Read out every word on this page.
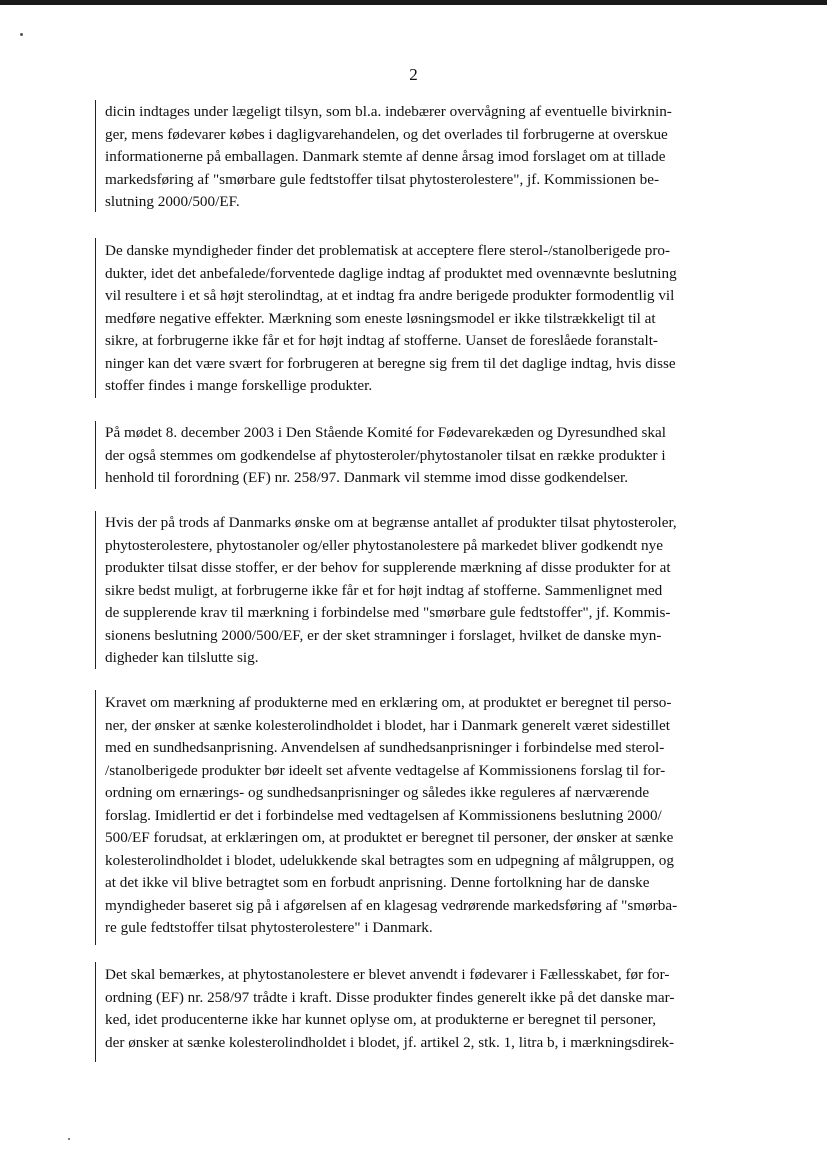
2
dicin indtages under lægeligt tilsyn, som bl.a. indebærer overvågning af eventuelle bivirknin-
ger, mens fødevarer købes i dagligvarehandelen, og det overlades til forbrugerne at overskue
informationerne på emballagen. Danmark stemte af denne årsag imod forslaget om at tillade
markedsføring af "smørbare gule fedtstoffer tilsat phytosterolestere", jf. Kommissionen be-
slutning 2000/500/EF.
De danske myndigheder finder det problematisk at acceptere flere sterol-/stanolberigede pro-
dukter, idet det anbefalede/forventede daglige indtag af produktet med ovennævnte beslutning
vil resultere i et så højt sterolindtag, at et indtag fra andre berigede produkter formodentlig vil
medføre negative effekter. Mærkning som eneste løsningsmodel er ikke tilstrækkeligt til at
sikre, at forbrugerne ikke får et for højt indtag af stofferne. Uanset de foreslåede foranstalt-
ninger kan det være svært for forbrugeren at beregne sig frem til det daglige indtag, hvis disse
stoffer findes i mange forskellige produkter.
På mødet 8. december 2003 i Den Stående Komité for Fødevarekæden og Dyresundhed skal
der også stemmes om godkendelse af phytosteroler/phytostanoler tilsat en række produkter i
henhold til forordning (EF) nr. 258/97. Danmark vil stemme imod disse godkendelser.
Hvis der på trods af Danmarks ønske om at begrænse antallet af produkter tilsat phytosteroler,
phytosterolestere, phytostanoler og/eller phytostanolestere på markedet bliver godkendt nye
produkter tilsat disse stoffer, er der behov for supplerende mærkning af disse produkter for at
sikre bedst muligt, at forbrugerne ikke får et for højt indtag af stofferne. Sammenlignet med
de supplerende krav til mærkning i forbindelse med "smørbare gule fedtstoffer", jf. Kommis-
sionens beslutning 2000/500/EF, er der sket stramninger i forslaget, hvilket de danske myn-
digheder kan tilslutte sig.
Kravet om mærkning af produkterne med en erklæring om, at produktet er beregnet til perso-
ner, der ønsker at sænke kolesterolindholdet i blodet, har i Danmark generelt været sidestillet
med en sundhedsanprisning. Anvendelsen af sundhedsanprisninger i forbindelse med sterol-
/stanolberigede produkter bør ideelt set afvente vedtagelse af Kommissionens forslag til for-
ordning om ernærings- og sundhedsanprisninger og således ikke reguleres af nærværende
forslag. Imidlertid er det i forbindelse med vedtagelsen af Kommissionens beslutning 2000/
500/EF forudsat, at erklæringen om, at produktet er beregnet til personer, der ønsker at sænke
kolesterolindholdet i blodet, udelukkende skal betragtes som en udpegning af målgruppen, og
at det ikke vil blive betragtet som en forbudt anprisning. Denne fortolkning har de danske
myndigheder baseret sig på i afgørelsen af en klagesag vedrørende markedsføring af "smørba-
re gule fedtstoffer tilsat phytosterolestere" i Danmark.
Det skal bemærkes, at phytostanolestere er blevet anvendt i fødevarer i Fællesskabet, før for-
ordning (EF) nr. 258/97 trådte i kraft. Disse produkter findes generelt ikke på det danske mar-
ked, idet producenterne ikke har kunnet oplyse om, at produkterne er beregnet til personer,
der ønsker at sænke kolesterolindholdet i blodet, jf. artikel 2, stk. 1, litra b, i mærkningsdirek-
